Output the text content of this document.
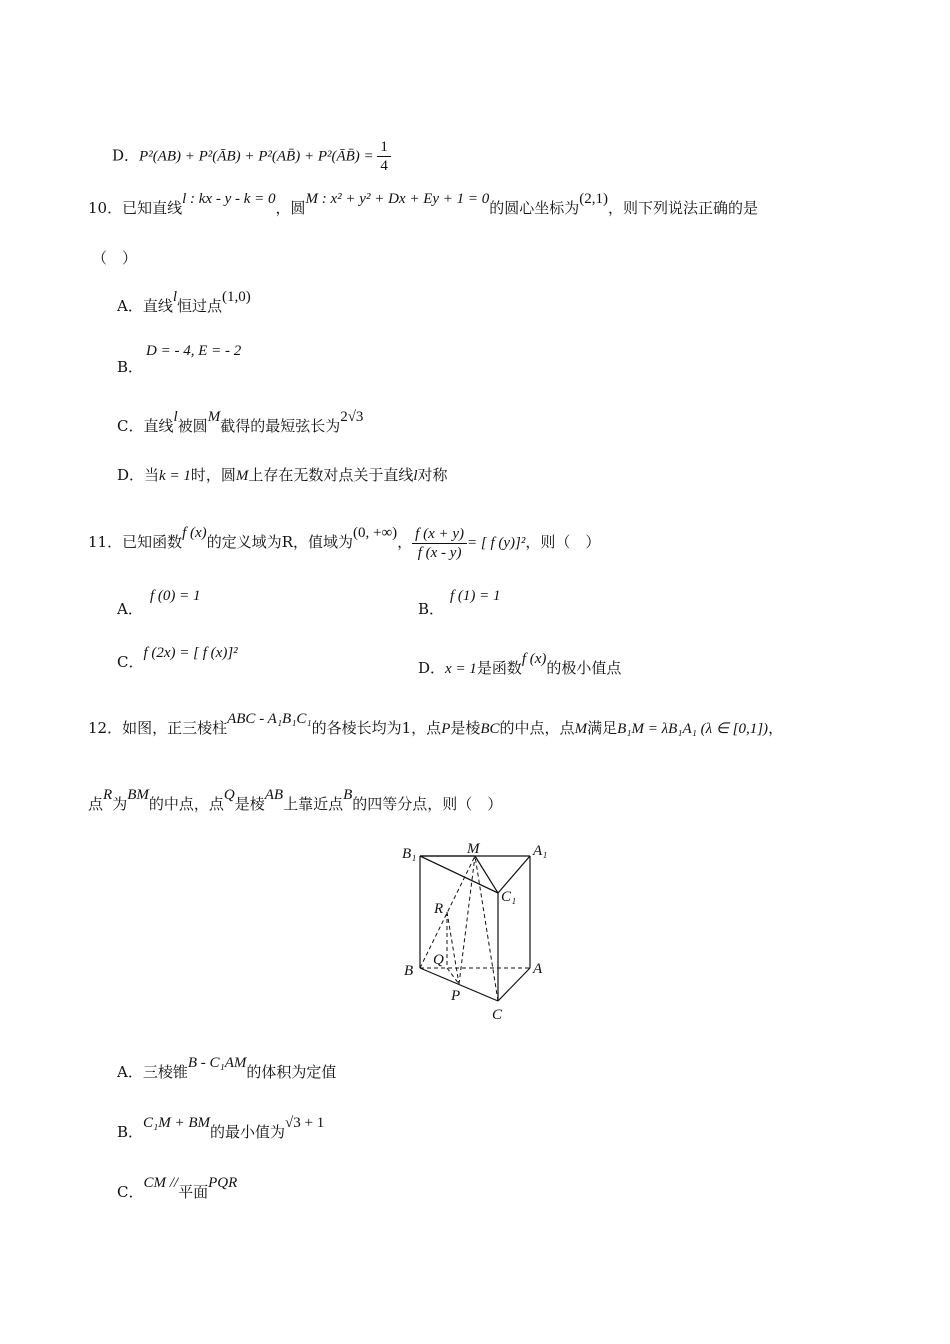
D．P²(AB) + P²(ĀB) + P²(AB̄) + P²(ĀB̄) = $\frac{1}{4}$
10．已知直线l : kx - y - k = 0，圆M : x² + y² + Dx + Ey + 1 = 0的圆心坐标为(2,1)，则下列说法正确的是
（　）
A．直线l恒过点(1,0)
D = - 4, E = - 2
B．
C．直线l被圆M截得的最短弦长为2√3
D．当k = 1时，圆M上存在无数对点关于直线l对称
11．已知函数f (x)的定义域为R，值域为(0, +∞)， $\frac{f (x + y)}{f (x - y)}$ = [ f (y)]²，则（　）
f (0) = 1
A．
f (1) = 1
B．
C．f (2x) = [ f (x)]²
D．x = 1是函数f (x)的极小值点
12．如图，正三棱柱ABC - A₁B₁C₁的各棱长均为1，点P是棱BC的中点，点M满足B₁M = λB₁A₁ (λ ∈ [0,1])，
点R为BM的中点，点Q是棱AB上靠近点B的四等分点，则（　）
B₁	M	A₁
C₁
R
Q
B	A
P
C
A．三棱锥B - C₁AM的体积为定值
B．C₁M + BM的最小值为√3 + 1
C．CM //平面PQR
